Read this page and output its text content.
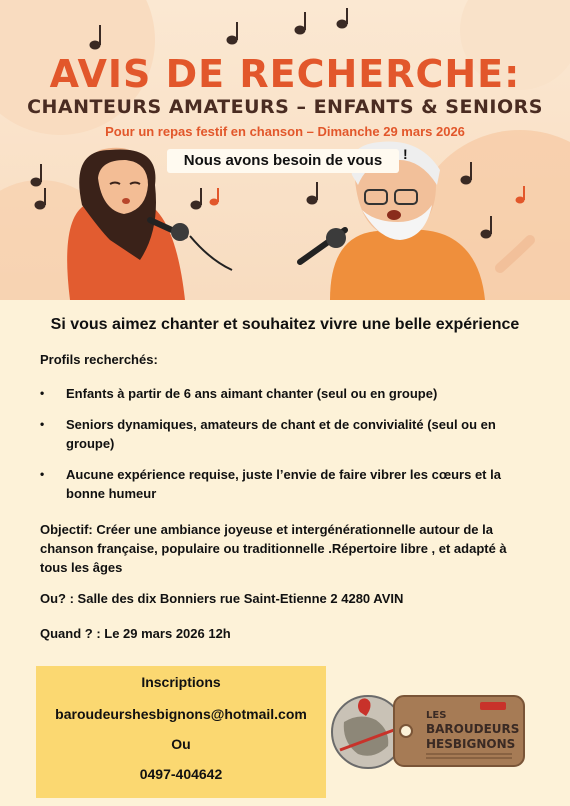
AVIS DE RECHERCHE:
CHANTEURS AMATEURS – ENFANTS & SENIORS

Pour un repas festif en chanson – Dimanche 29 mars 2026

Nous avons besoin de vous	!

Si vous aimez chanter et souhaitez vivre une belle expérience

Profils recherchés:

• Enfants à partir de 6 ans aimant chanter (seul ou en groupe)
• Seniors dynamiques, amateurs de chant et de convivialité (seul ou en groupe)
• Aucune expérience requise, juste l’envie de faire vibrer les cœurs et la bonne humeur

Objectif: Créer une ambiance joyeuse et intergénérationnelle autour de la chanson française, populaire ou traditionnelle .Répertoire libre , et adapté à tous les âges

Ou? : Salle des dix Bonniers rue Saint-Etienne 2 4280 AVIN

Quand ? : Le 29 mars 2026 12h

Inscriptions

baroudeurshesbignons@hotmail.com

Ou

0497-404642

LES
BAROUDEURS
HESBIGNONS
